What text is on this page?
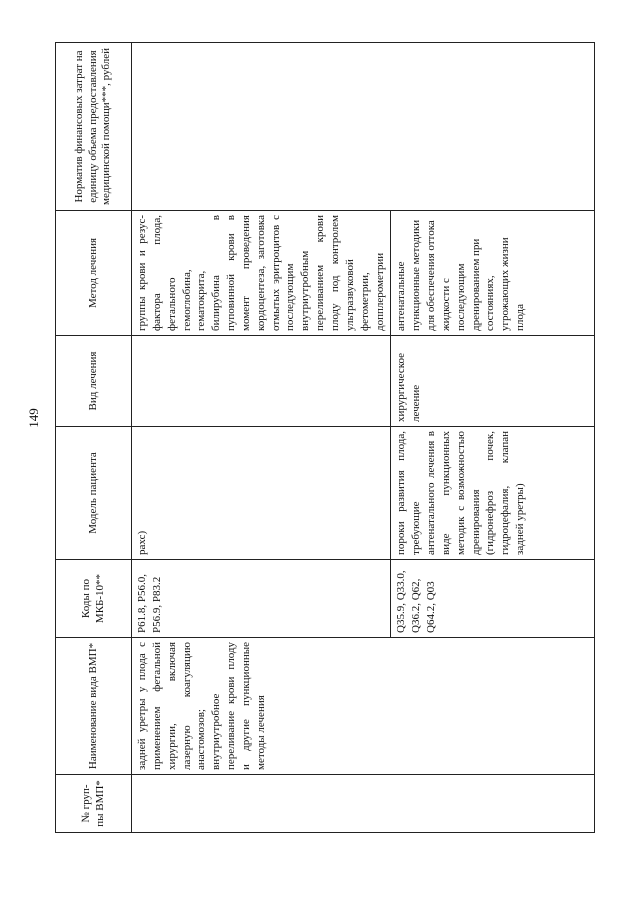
149
№ груп-пы ВМП*	Наименование вида ВМП*	Коды по МКБ-10**	Модель пациента	Вид лечения	Метод лечения	Норматив финансовых затрат на единицу объема предоставления медицинской помощи***, рублей
	задней уретры у плода с применением фетальной хирургии, включая лазерную коагуляцию анастомозов; внутриутробное переливание крови плоду и другие пункционные методы лечения	P61.8, P56.0, P56.9, P83.2	рахс)		группы крови и резус-фактора плода, фетального гемоглобина, гематокрита, билирубина в пуповинной крови в момент проведения кордоцентеза, заготовка отмытых эритроцитов с последующим внутриутробным переливанием крови плоду под контролем ультразвуковой фетометрии, допплерометрии	
		Q35.9, Q33.0, Q36.2, Q62, Q64.2, Q03	пороки развития плода, требующие антенатального лечения в виде пункционных методик с возможностью дренирования (гидронефроз почек, гидроцефалия, клапан задней уретры)	хирургическое лечение	антенатальные пункционные методики для обеспечения оттока жидкости с последующим дренированием при состояниях, угрожающих жизни плода	
